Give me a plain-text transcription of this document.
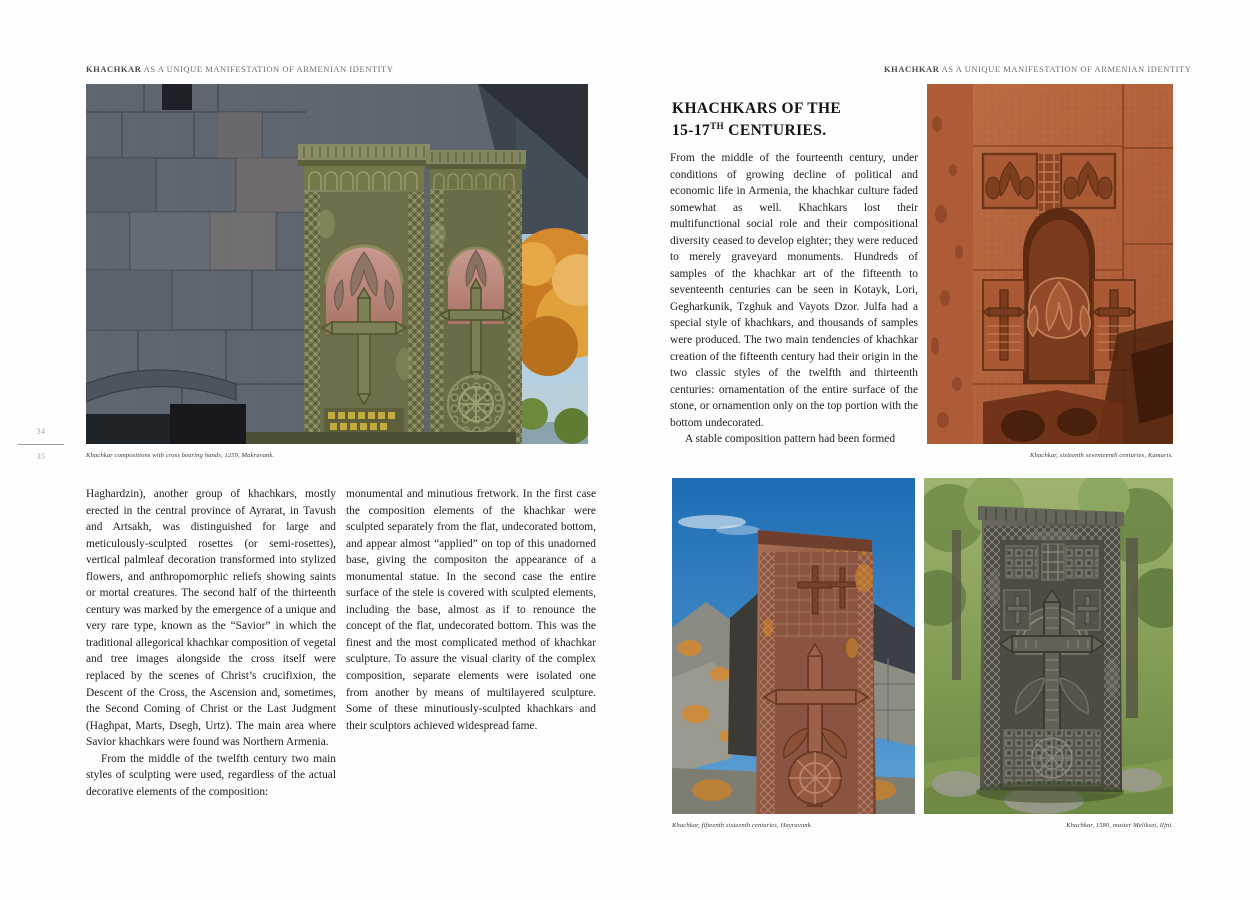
KHACHKAR AS A UNIQUE MANIFESTATION OF ARMENIAN IDENTITY	KHACHKAR AS A UNIQUE MANIFESTATION OF ARMENIAN IDENTITY
34
35	Khachkar compositions with cross bearing hands, 1259, Makravank.	Khachkar, sixteenth seventeenth centuries, Kamaris.
Khachkar, fifteenth sixteenth centuries, Hayravank.	Khachkar, 1580, master Melikset, Iljni.
KHACHKARS OF THE
15-17TH CENTURIES.

From the middle of the fourteenth century, under conditions of growing decline of political and economic life in Armenia, the khachkar culture faded somewhat as well. Khachkars lost their multifunctional social role and their compositional diversity ceased to develop eighter; they were reduced to merely graveyard monuments. Hundreds of samples of the khachkar art of the fifteenth to seventeenth centuries can be seen in Kotayk, Lori, Gegharkunik, Tzghuk and Vayots Dzor. Julfa had a special style of khachkars, and thousands of samples were produced. The two main tendencies of khachkar creation of the fifteenth century had their origin in the two classic styles of the twelfth and thirteenth centuries: ornamentation of the entire surface of the stone, or ornamention only on the top portion with the bottom undecorated.

A stable composition pattern had been formed

Haghardzin), another group of khachkars, mostly erected in the central province of Ayrarat, in Tavush and Artsakh, was distinguished for large and meticulously-sculpted rosettes (or semi-rosettes), vertical palmleaf decoration transformed into stylized flowers, and anthropomorphic reliefs showing saints or mortal creatures. The second half of the thirteenth century was marked by the emergence of a unique and very rare type, known as the “Savior” in which the traditional allegorical khachkar composition of vegetal and tree images alongside the cross itself were replaced by the scenes of Christ’s crucifixion, the Descent of the Cross, the Ascension and, sometimes, the Second Coming of Christ or the Last Judgment (Haghpat, Marts, Dsegh, Urtz). The main area where Savior khachkars were found was Northern Armenia.

From the middle of the twelfth century two main styles of sculpting were used, regardless of the actual decorative elements of the composition:

monumental and minutious fretwork. In the first case the composition elements of the khachkar were sculpted separately from the flat, undecorated bottom, and appear almost “applied” on top of this unadorned base, giving the compositon the appearance of a monumental statue. In the second case the entire surface of the stele is covered with sculpted elements, including the base, almost as if to renounce the concept of the flat, undecorated bottom. This was the finest and the most complicated method of khachkar sculpture. To assure the visual clarity of the complex composition, separate elements were isolated one from another by means of multilayered sculpture. Some of these minutiously-sculpted khachkars and their sculptors achieved widespread fame.
